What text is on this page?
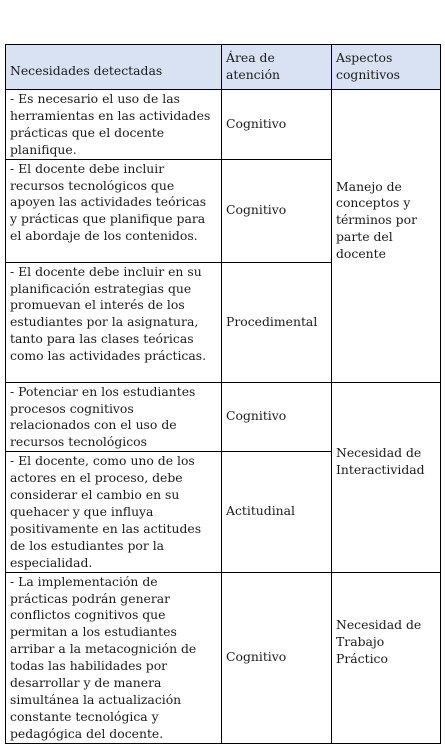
Necesidades detectadas	Área de atención	Aspectos cognitivos
- Es necesario el uso de las herramientas en las actividades prácticas que el docente planifique.	Cognitivo	Manejo de conceptos y términos por parte del docente
- El docente debe incluir recursos tecnológicos que apoyen las actividades teóricas y prácticas que planifique para el abordaje de los contenidos.	Cognitivo	
- El docente debe incluir en su planificación estrategias que promuevan el interés de los estudiantes por la asignatura, tanto para las clases teóricas como las actividades prácticas.	Procedimental	
- Potenciar en los estudiantes procesos cognitivos relacionados con el uso de recursos tecnológicos	Cognitivo	Necesidad de Interactividad
- El docente, como uno de los actores en el proceso, debe considerar el cambio en su quehacer y que influya positivamente en las actitudes de los estudiantes por la especialidad.	Actitudinal	
- La implementación de prácticas podrán generar conflictos cognitivos que permitan a los estudiantes arribar a la metacognición de todas las habilidades por desarrollar y de manera simultánea la actualización constante tecnológica y pedagógica del docente.	Cognitivo	Necesidad de Trabajo Práctico
